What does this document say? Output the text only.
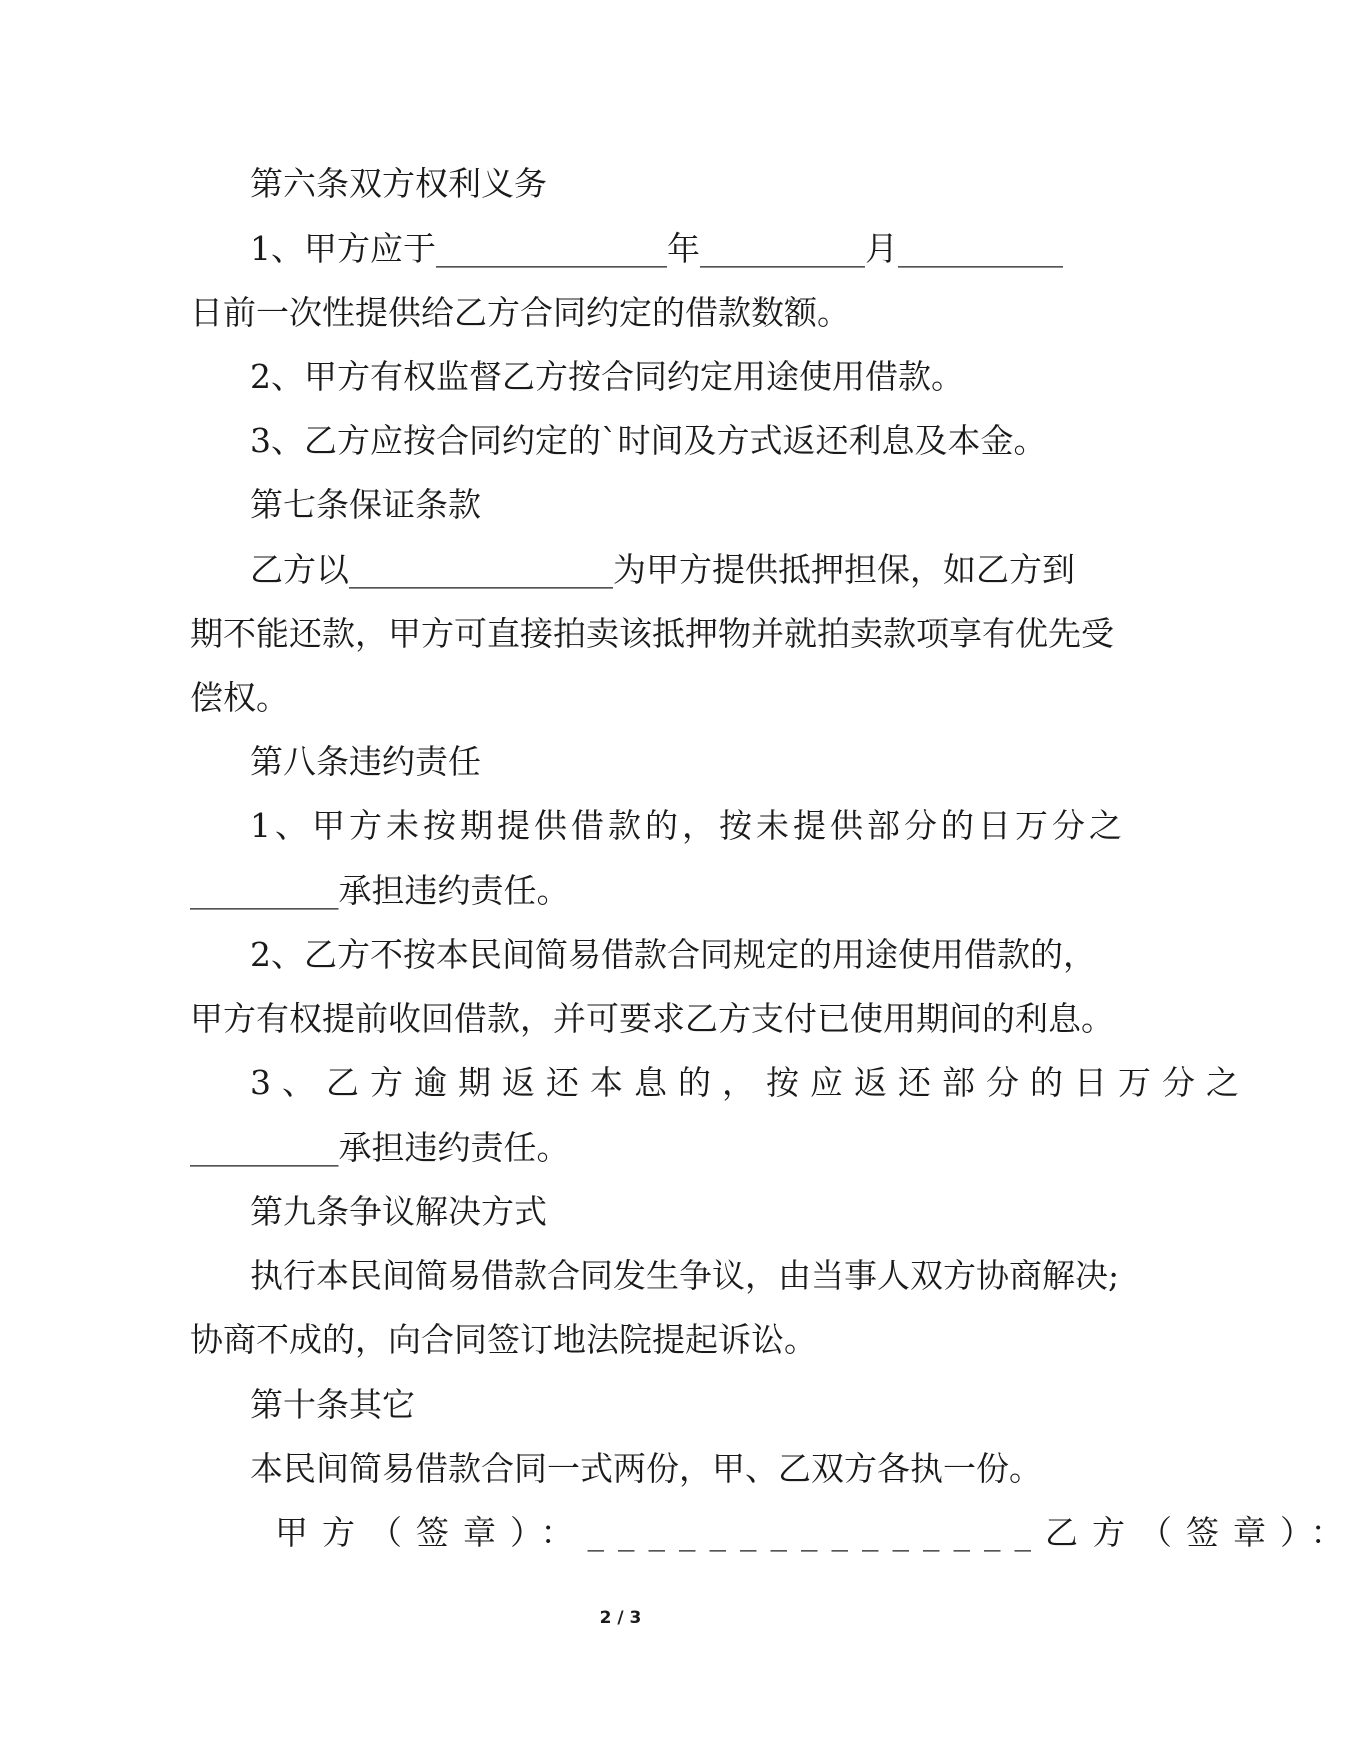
第六条双方权利义务
1、甲方应于______________年__________月__________
日前一次性提供给乙方合同约定的借款数额。
2、甲方有权监督乙方按合同约定用途使用借款。
3、乙方应按合同约定的`时间及方式返还利息及本金。
第七条保证条款
乙方以________________为甲方提供抵押担保，如乙方到
期不能还款，甲方可直接拍卖该抵押物并就拍卖款项享有优先受
偿权。
第八条违约责任
1、甲方未按期提供借款的，按未提供部分的日万分之
_________承担违约责任。
2、乙方不按本民间简易借款合同规定的用途使用借款的，
甲方有权提前收回借款，并可要求乙方支付已使用期间的利息。
3、乙方逾期返还本息的，按应返还部分的日万分之
_________承担违约责任。
第九条争议解决方式
执行本民间简易借款合同发生争议，由当事人双方协商解决;
协商不成的，向合同签订地法院提起诉讼。
第十条其它
本民间简易借款合同一式两份，甲、乙双方各执一份。
甲方（签章）：_______________乙方（签章）：
2 / 3
